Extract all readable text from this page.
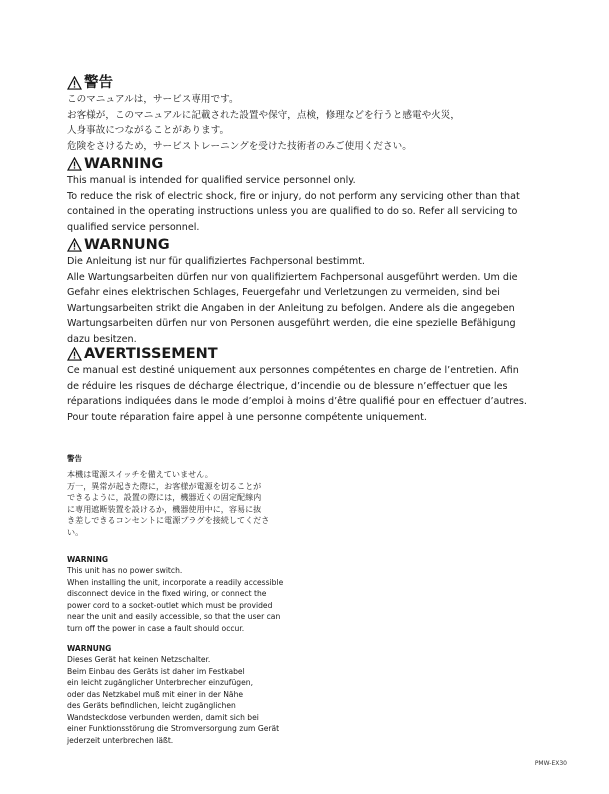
警告

このマニュアルは，サービス専用です。

お客様が，このマニュアルに記載された設置や保守，点検，修理などを行うと感電や火災，

人身事故につながることがあります。

危険をさけるため，サービストレーニングを受けた技術者のみご使用ください。

WARNING

This manual is intended for qualified service personnel only.

To reduce the risk of electric shock, fire or injury, do not perform any servicing other than that

contained in the operating instructions unless you are qualified to do so. Refer all servicing to

qualified service personnel.

WARNUNG

Die Anleitung ist nur für qualifiziertes Fachpersonal bestimmt.

Alle Wartungsarbeiten dürfen nur von qualifiziertem Fachpersonal ausgeführt werden. Um die

Gefahr eines elektrischen Schlages, Feuergefahr und Verletzungen zu vermeiden, sind bei

Wartungsarbeiten strikt die Angaben in der Anleitung zu befolgen. Andere als die angegeben

Wartungsarbeiten dürfen nur von Personen ausgeführt werden, die eine spezielle Befähigung

dazu besitzen.

AVERTISSEMENT

Ce manual est destiné uniquement aux personnes compétentes en charge de l’entretien. Afin

de réduire les risques de décharge électrique, d’incendie ou de blessure n’effectuer que les

réparations indiquées dans le mode d’emploi à moins d’être qualifié pour en effectuer d’autres.

Pour toute réparation faire appel à une personne compétente uniquement.

警告
本機は電源スイッチを備えていません。
万一，異常が起きた際に，お客様が電源を切ることが
できるように，設置の際には，機器近くの固定配線内
に専用遮断装置を設けるか，機器使用中に，容易に抜
き差しできるコンセントに電源プラグを接続してくださ
い。
WARNING
This unit has no power switch.
When installing the unit, incorporate a readily accessible
disconnect device in the fixed wiring, or connect the
power cord to a socket-outlet which must be provided
near the unit and easily accessible, so that the user can
turn off the power in case a fault should occur.
WARNUNG
Dieses Gerät hat keinen Netzschalter.
Beim Einbau des Geräts ist daher im Festkabel
ein leicht zugänglicher Unterbrecher einzufügen,
oder das Netzkabel muß mit einer in der Nähe
des Geräts befindlichen, leicht zugänglichen
Wandsteckdose verbunden werden, damit sich bei
einer Funktionsstörung die Stromversorgung zum Gerät
jederzeit unterbrechen läßt.
PMW-EX30
